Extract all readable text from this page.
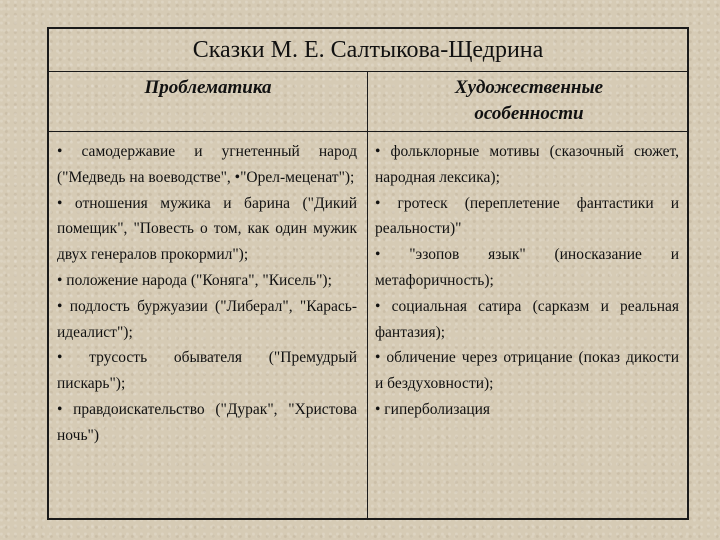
Сказки М. Е. Салтыкова-Щедрина
Проблематика	Художественные
особенности

• самодержавие и угнетенный народ ("Медведь на воеводстве", •"Орел-меценат");

• отношения мужика и барина ("Дикий помещик", "Повесть о том, как один мужик двух генералов прокормил");

• положение народа ("Коняга", "Кисель");

• подлость буржуазии ("Либерал", "Карась-идеалист");

• трусость обывателя ("Премудрый пискарь");

• правдоискательство ("Дурак", "Христова ночь")

• фольклорные мотивы (сказочный сюжет, народная лексика);

• гротеск (переплетение фантастики и реальности)"

• "эзопов язык" (иносказание и метафоричность);

• социальная сатира (сарказм и реальная фантазия);

• обличение через отрицание (показ дикости и бездуховности);

• гиперболизация
